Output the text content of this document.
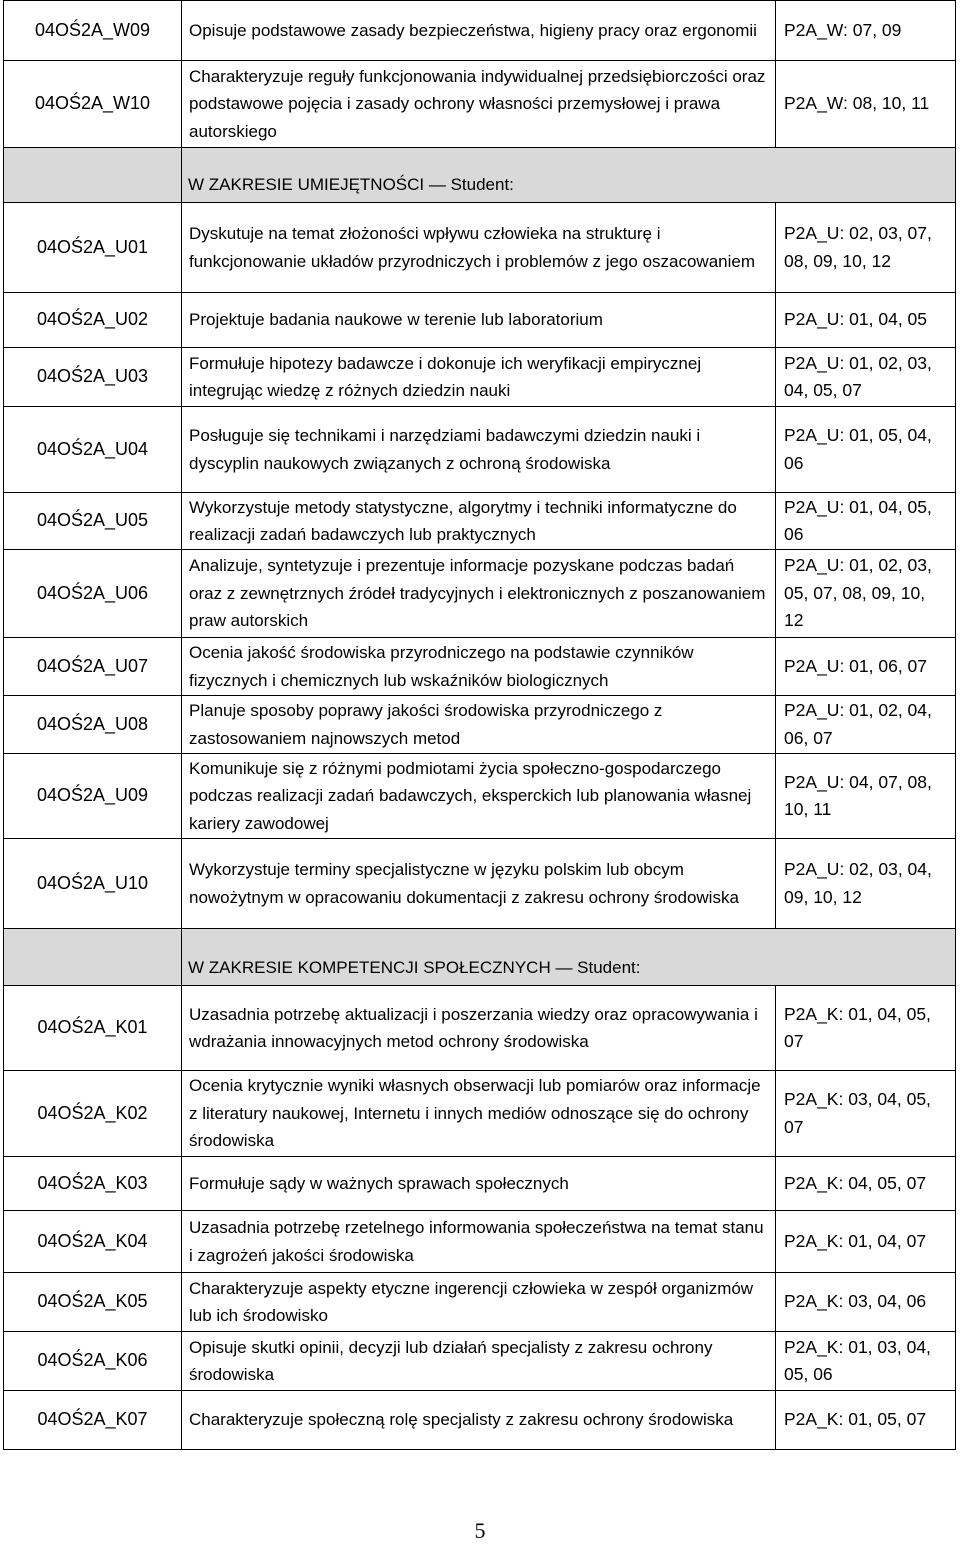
04OŚ2A_W09	Opisuje podstawowe zasady bezpieczeństwa, higieny pracy oraz ergonomii	P2A_W: 07, 09
04OŚ2A_W10	Charakteryzuje reguły funkcjonowania indywidualnej przedsiębiorczości oraz podstawowe pojęcia i zasady ochrony własności przemysłowej i prawa autorskiego	P2A_W: 08, 10, 11
	W ZAKRESIE UMIEJĘTNOŚCI — Student:	
04OŚ2A_U01	Dyskutuje na temat złożoności wpływu człowieka na strukturę i funkcjonowanie układów przyrodniczych i problemów z jego oszacowaniem	P2A_U: 02, 03, 07, 08, 09, 10, 12
04OŚ2A_U02	Projektuje badania naukowe w terenie lub laboratorium	P2A_U: 01, 04, 05
04OŚ2A_U03	Formułuje hipotezy badawcze i dokonuje ich weryfikacji empirycznej integrując wiedzę z różnych dziedzin nauki	P2A_U: 01, 02, 03, 04, 05, 07
04OŚ2A_U04	Posługuje się technikami i narzędziami badawczymi dziedzin nauki i dyscyplin naukowych związanych z ochroną środowiska	P2A_U: 01, 05, 04, 06
04OŚ2A_U05	Wykorzystuje metody statystyczne, algorytmy i techniki informatyczne do realizacji zadań badawczych lub praktycznych	P2A_U: 01, 04, 05, 06
04OŚ2A_U06	Analizuje, syntetyzuje i prezentuje informacje pozyskane podczas badań oraz z zewnętrznych źródeł tradycyjnych i elektronicznych z poszanowaniem praw autorskich	P2A_U: 01, 02, 03, 05, 07, 08, 09, 10, 12
04OŚ2A_U07	Ocenia jakość środowiska przyrodniczego na podstawie czynników fizycznych i chemicznych lub wskaźników biologicznych	P2A_U: 01, 06, 07
04OŚ2A_U08	Planuje sposoby poprawy jakości środowiska przyrodniczego z zastosowaniem najnowszych metod	P2A_U: 01, 02, 04, 06, 07
04OŚ2A_U09	Komunikuje się z różnymi podmiotami życia społeczno-gospodarczego podczas realizacji zadań badawczych, eksperckich lub planowania własnej kariery zawodowej	P2A_U: 04, 07, 08, 10, 11
04OŚ2A_U10	Wykorzystuje terminy specjalistyczne w języku polskim lub obcym nowożytnym w opracowaniu dokumentacji z zakresu ochrony środowiska	P2A_U: 02, 03, 04, 09, 10, 12
	W ZAKRESIE KOMPETENCJI SPOŁECZNYCH — Student:	
04OŚ2A_K01	Uzasadnia potrzebę aktualizacji i poszerzania wiedzy oraz opracowywania i wdrażania innowacyjnych metod ochrony środowiska	P2A_K: 01, 04, 05, 07
04OŚ2A_K02	Ocenia krytycznie wyniki własnych obserwacji lub pomiarów oraz informacje z literatury naukowej, Internetu i innych mediów odnoszące się do ochrony środowiska	P2A_K: 03, 04, 05, 07
04OŚ2A_K03	Formułuje sądy w ważnych sprawach społecznych	P2A_K: 04, 05, 07
04OŚ2A_K04	Uzasadnia potrzebę rzetelnego informowania społeczeństwa na temat stanu i zagrożeń jakości środowiska	P2A_K: 01, 04, 07
04OŚ2A_K05	Charakteryzuje aspekty etyczne ingerencji człowieka w zespół organizmów lub ich środowisko	P2A_K: 03, 04, 06
04OŚ2A_K06	Opisuje skutki opinii, decyzji lub działań specjalisty z zakresu ochrony środowiska	P2A_K: 01, 03, 04, 05, 06
04OŚ2A_K07	Charakteryzuje społeczną rolę specjalisty z zakresu ochrony środowiska	P2A_K: 01, 05, 07
5
